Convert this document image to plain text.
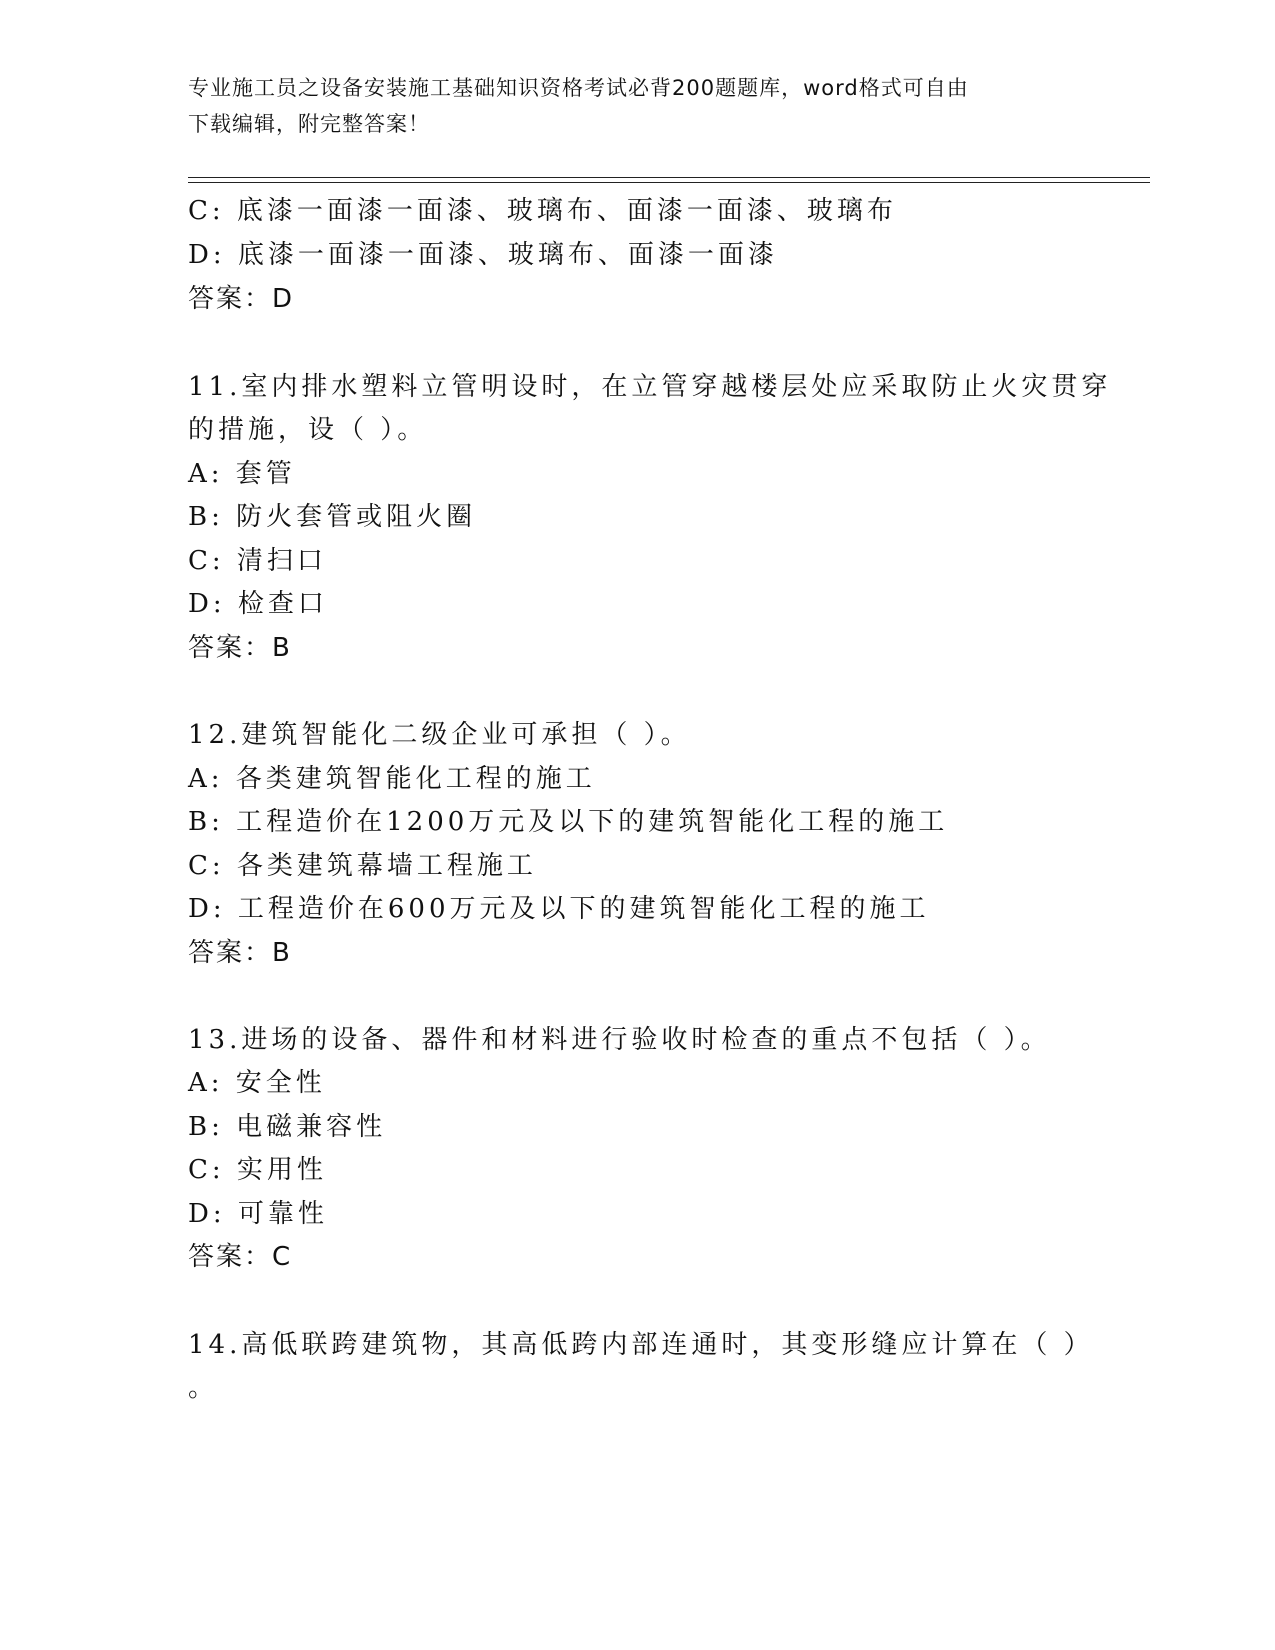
专业施工员之设备安装施工基础知识资格考试必背200题题库，word格式可自由
下载编辑，附完整答案！
C: 底漆一面漆一面漆、玻璃布、面漆一面漆、玻璃布
D: 底漆一面漆一面漆、玻璃布、面漆一面漆
答案：D
11.室内排水塑料立管明设时，在立管穿越楼层处应采取防止火灾贯穿
的措施，设（ ）。
A: 套管
B: 防火套管或阻火圈
C: 清扫口
D: 检查口
答案：B
12.建筑智能化二级企业可承担（ ）。
A: 各类建筑智能化工程的施工
B: 工程造价在1200万元及以下的建筑智能化工程的施工
C: 各类建筑幕墙工程施工
D: 工程造价在600万元及以下的建筑智能化工程的施工
答案：B
13.进场的设备、器件和材料进行验收时检查的重点不包括（ ）。
A: 安全性
B: 电磁兼容性
C: 实用性
D: 可靠性
答案：C
14.高低联跨建筑物，其高低跨内部连通时，其变形缝应计算在（ ）
。
